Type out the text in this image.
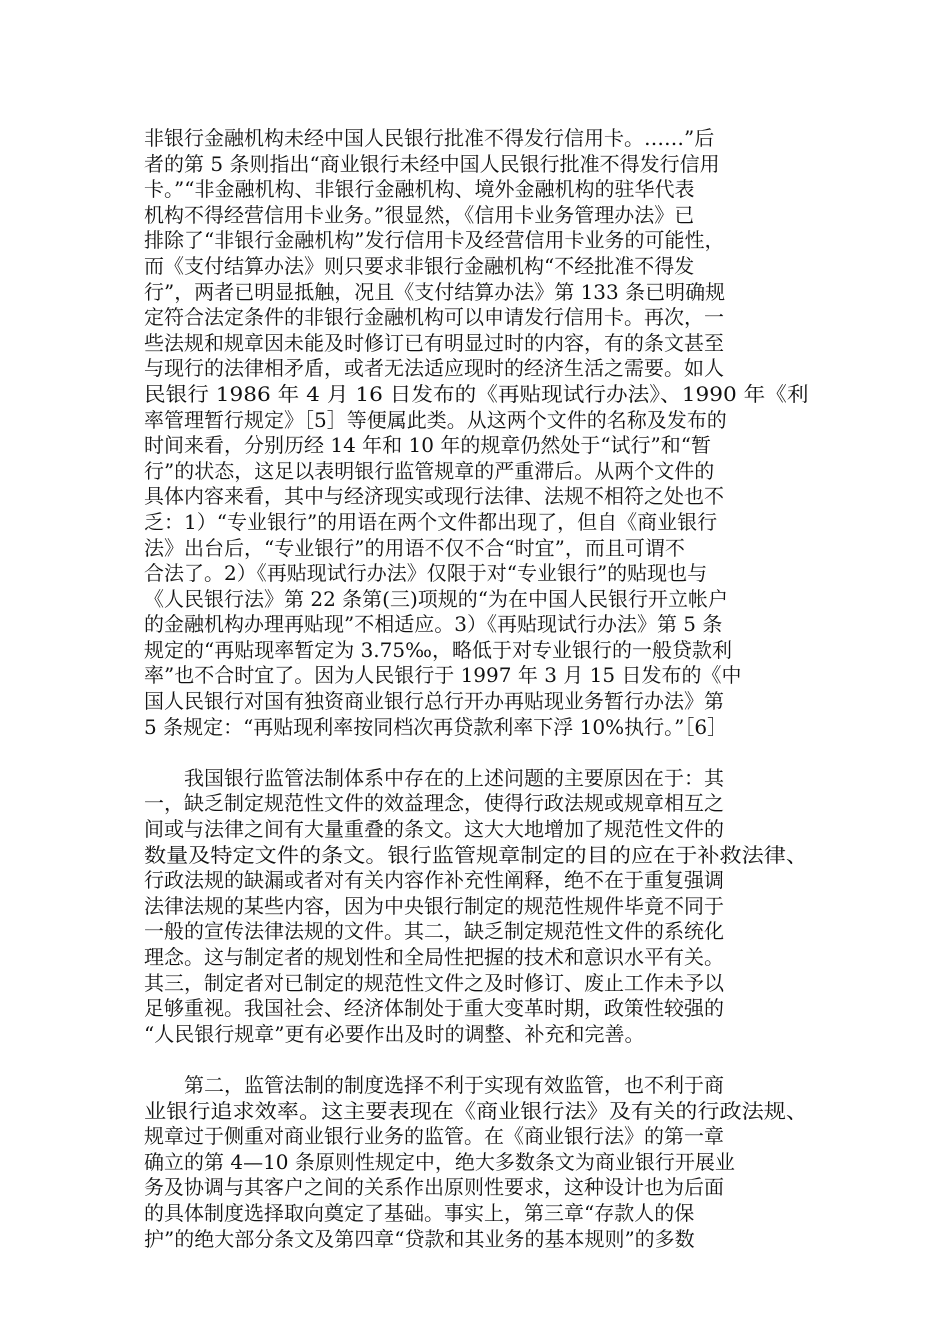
非银行金融机构未经中国人民银行批准不得发行信用卡。……”后
者的第 5 条则指出“商业银行未经中国人民银行批准不得发行信用
卡。”“非金融机构、非银行金融机构、境外金融机构的驻华代表
机构不得经营信用卡业务。”很显然，《信用卡业务管理办法》已
排除了“非银行金融机构”发行信用卡及经营信用卡业务的可能性，
而《支付结算办法》则只要求非银行金融机构“不经批准不得发
行”，两者已明显抵触，况且《支付结算办法》第 133 条已明确规
定符合法定条件的非银行金融机构可以申请发行信用卡。再次，一
些法规和规章因未能及时修订已有明显过时的内容，有的条文甚至
与现行的法律相矛盾，或者无法适应现时的经济生活之需要。如人
民银行 1986 年 4 月 16 日发布的《再贴现试行办法》、1990 年《利
率管理暂行规定》［5］等便属此类。从这两个文件的名称及发布的
时间来看，分别历经 14 年和 10 年的规章仍然处于“试行”和“暂
行”的状态，这足以表明银行监管规章的严重滞后。从两个文件的
具体内容来看，其中与经济现实或现行法律、法规不相符之处也不
乏：1）“专业银行”的用语在两个文件都出现了，但自《商业银行
法》出台后，“专业银行”的用语不仅不合“时宜”，而且可谓不
合法了。2）《再贴现试行办法》仅限于对“专业银行”的贴现也与
《人民银行法》第 22 条第(三)项规的“为在中国人民银行开立帐户
的金融机构办理再贴现”不相适应。3）《再贴现试行办法》第 5 条
规定的“再贴现率暂定为 3.75‰，略低于对专业银行的一般贷款利
率”也不合时宜了。因为人民银行于 1997 年 3 月 15 日发布的《中
国人民银行对国有独资商业银行总行开办再贴现业务暂行办法》第
5 条规定：“再贴现利率按同档次再贷款利率下浮 10%执行。”［6］
我国银行监管法制体系中存在的上述问题的主要原因在于：其
一，缺乏制定规范性文件的效益理念，使得行政法规或规章相互之
间或与法律之间有大量重叠的条文。这大大地增加了规范性文件的
数量及特定文件的条文。银行监管规章制定的目的应在于补救法律、
行政法规的缺漏或者对有关内容作补充性阐释，绝不在于重复强调
法律法规的某些内容，因为中央银行制定的规范性规件毕竟不同于
一般的宣传法律法规的文件。其二，缺乏制定规范性文件的系统化
理念。这与制定者的规划性和全局性把握的技术和意识水平有关。
其三，制定者对已制定的规范性文件之及时修订、废止工作未予以
足够重视。我国社会、经济体制处于重大变革时期，政策性较强的
“人民银行规章”更有必要作出及时的调整、补充和完善。
第二，监管法制的制度选择不利于实现有效监管，也不利于商
业银行追求效率。这主要表现在《商业银行法》及有关的行政法规、
规章过于侧重对商业银行业务的监管。在《商业银行法》的第一章
确立的第 4—10 条原则性规定中，绝大多数条文为商业银行开展业
务及协调与其客户之间的关系作出原则性要求，这种设计也为后面
的具体制度选择取向奠定了基础。事实上，第三章“存款人的保
护”的绝大部分条文及第四章“贷款和其业务的基本规则”的多数
